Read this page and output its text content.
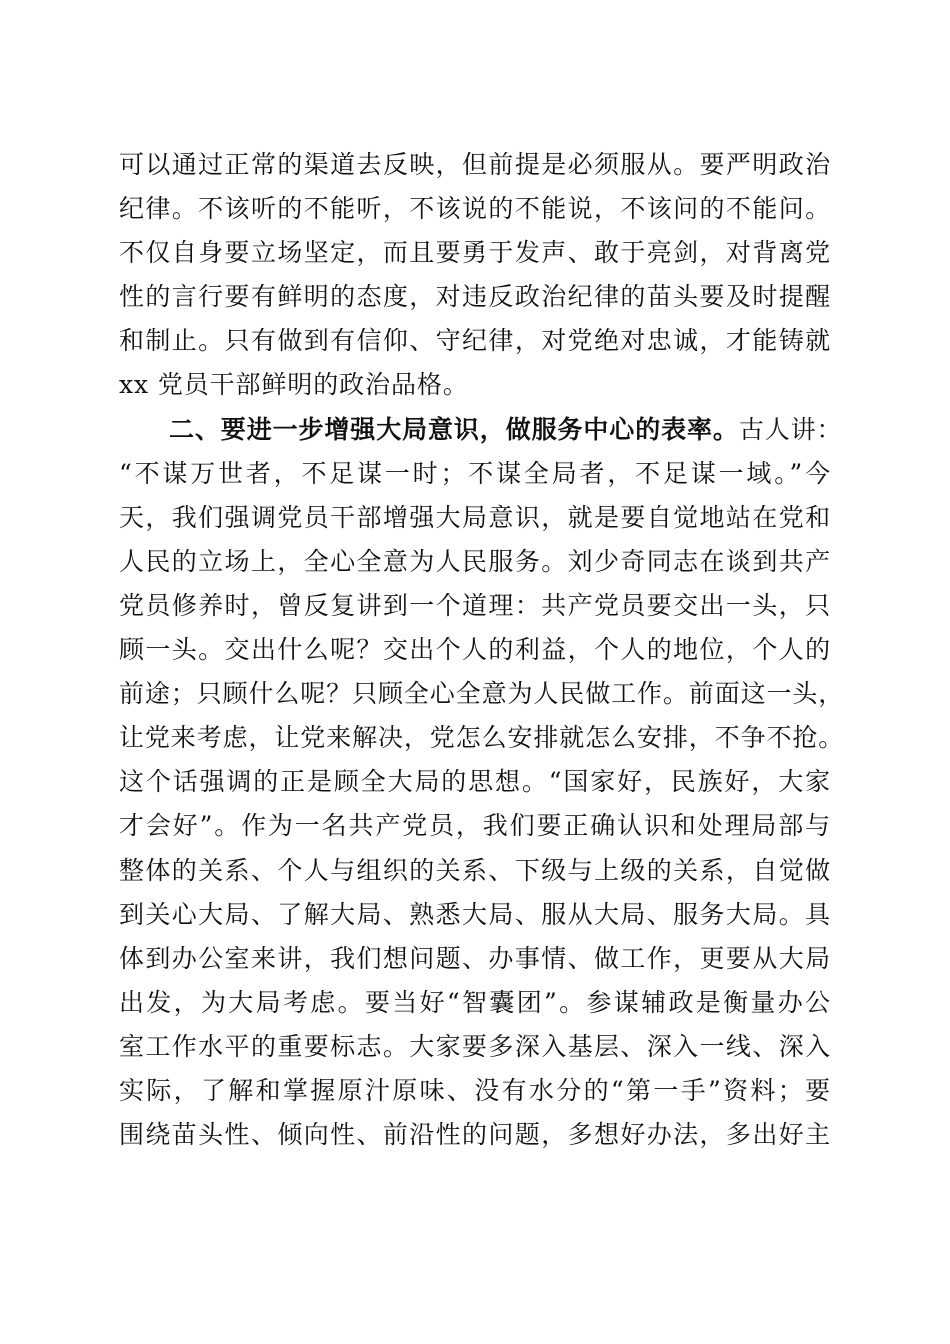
可以通过正常的渠道去反映，但前提是必须服从。要严明政治
纪律。不该听的不能听，不该说的不能说，不该问的不能问。
不仅自身要立场坚定，而且要勇于发声、敢于亮剑，对背离党
性的言行要有鲜明的态度，对违反政治纪律的苗头要及时提醒
和制止。只有做到有信仰、守纪律，对党绝对忠诚，才能铸就
xx 党员干部鲜明的政治品格。
二、要进一步增强大局意识，做服务中心的表率。古人讲：
“不谋万世者，不足谋一时；不谋全局者，不足谋一域。”今
天，我们强调党员干部增强大局意识，就是要自觉地站在党和
人民的立场上，全心全意为人民服务。刘少奇同志在谈到共产
党员修养时，曾反复讲到一个道理：共产党员要交出一头，只
顾一头。交出什么呢？交出个人的利益，个人的地位，个人的
前途；只顾什么呢？只顾全心全意为人民做工作。前面这一头，
让党来考虑，让党来解决，党怎么安排就怎么安排，不争不抢。
这个话强调的正是顾全大局的思想。“国家好，民族好，大家
才会好”。作为一名共产党员，我们要正确认识和处理局部与
整体的关系、个人与组织的关系、下级与上级的关系，自觉做
到关心大局、了解大局、熟悉大局、服从大局、服务大局。具
体到办公室来讲，我们想问题、办事情、做工作，更要从大局
出发，为大局考虑。要当好“智囊团”。参谋辅政是衡量办公
室工作水平的重要标志。大家要多深入基层、深入一线、深入
实际，了解和掌握原汁原味、没有水分的“第一手”资料；要
围绕苗头性、倾向性、前沿性的问题，多想好办法，多出好主
